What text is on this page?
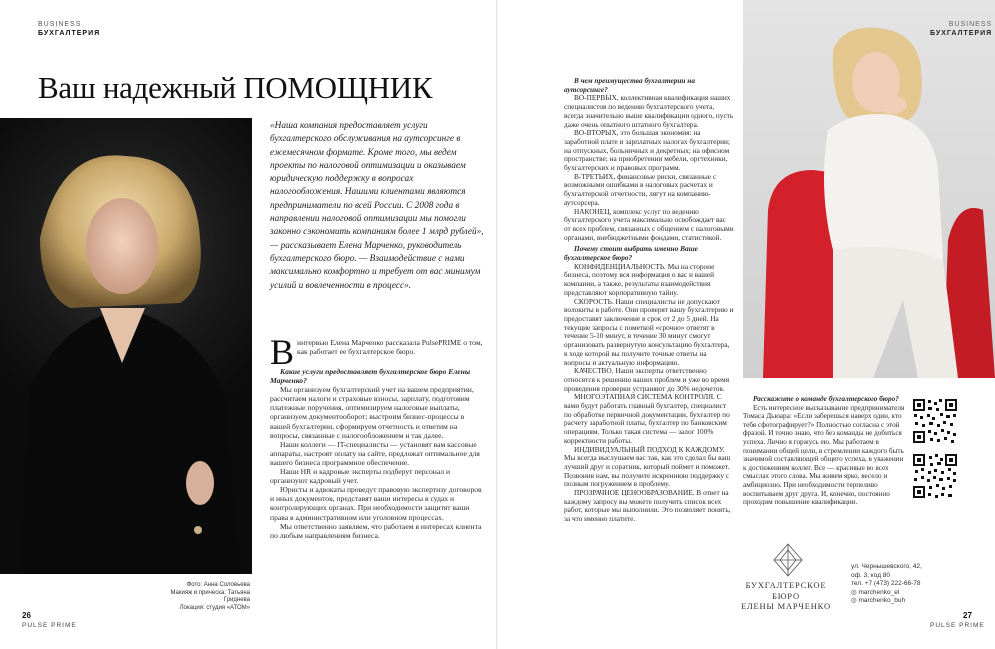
BUSINESS
БУХГАЛТЕРИЯ
Ваш надежный ПОМОЩНИК
«Наша компания предоставляет услуги бухгалтерского обслуживания на аутсорсинге в ежемесячном формате. Кроме того, мы ведем проекты по налоговой оптимизации и оказываем юридическую поддержку в вопросах налогообложения. Нашими клиентами являются предприниматели по всей России. С 2008 года в направлении налоговой оптимизации мы помогли законно сэкономить компаниям более 1 млрд рублей», — рассказывает Елена Марченко, руководитель бухгалтерского бюро. — Взаимодействие с нами максимально комфортно и требует от вас минимум усилий и вовлеченности в процесс».
В интервью Елена Марченко рассказала PulsePRIME о том, как работает ее бухгалтерское бюро.

Какие услуги предоставляет бухгалтерское бюро Елены Марченко?

Мы организуем бухгалтерский учет на вашем предприятии, рассчитаем налоги и страховые взносы, зарплату, подготовим платежные поручения, оптимизируем налоговые выплаты, организуем документооборот; выстроим бизнес-процессы в вашей бухгалтерии, сформируем отчетность и ответим на вопросы, связанные с налогообложением и так далее.

Наши коллеги — IT-специалисты — установят вам кассовые аппараты, настроят оплату на сайте, предложат оптимальное для вашего бизнеса программное обеспечение.

Наши HR и кадровые эксперты подберут персонал и организуют кадровый учет.

Юристы и адвокаты проведут правовую экспертизу договоров и иных документов, представят ваши интересы в судах и контролирующих органах. При необходимости защитят ваши права в административном или уголовном процессах.

Мы ответственно заявляем, что работаем в интересах клиента по любым направлениям бизнеса.

Фото: Анна Соловьева
Макияж и прическа: Татьяна Гриднева
Локация: студия «АТОМ»
26
PULSE PRIME
BUSINESS
БУХГАЛТЕРИЯ

В чем преимущества бухгалтерии на аутсорсинге?

ВО-ПЕРВЫХ, коллективная квалификация наших специалистов по ведению бухгалтерского учета, всегда значительно выше квалификации одного, пусть даже очень опытного штатного бухгалтера.

ВО-ВТОРЫХ, это большая экономия: на заработной плате и зарплатных налогах бухгалтерии; на отпускных, больничных и декретных; на офисном пространстве; на приобретении мебели, оргтехники, бухгалтерских и правовых программ.

В-ТРЕТЬИХ, финансовые риски, связанные с возможными ошибками в налоговых расчетах и бухгалтерской отчетности, лягут на компанию-аутсорсера.

НАКОНЕЦ, комплекс услуг по ведению бухгалтерского учета максимально освобождает вас от всех проблем, связанных с общением с налоговыми органами, внебюджетными фондами, статистикой.

Почему стоит выбрать именно Ваше бухгалтерское бюро?

КОНФИДЕНЦИАЛЬНОСТЬ. Мы на стороне бизнеса, поэтому вся информация о вас и вашей компании, а также, результаты взаимодействия представляют корпоративную тайну.

СКОРОСТЬ. Наши специалисты не допускают волокиты в работе. Они проверят вашу бухгалтерию и предоставят заключение в срок от 2 до 5 дней. На текущие запросы с пометкой «срочно» ответят в течение 5-10 минут, в течение 30 минут смогут организовать развернутую консультацию бухгалтера, в ходе которой вы получите точные ответы на вопросы и актуальную информацию.

КАЧЕСТВО. Наши эксперты ответственно относятся к решению ваших проблем и уже во время проведения проверки устраняют до 30% недочетов.

МНОГОЭТАПНАЯ СИСТЕМА КОНТРОЛЯ. С вами будут работать главный бухгалтер, специалист по обработке первичной документации, бухгалтер по расчету заработной платы, бухгалтер по банковским операциям. Только такая система — залог 100% корректности работы.

ИНДИВИДУАЛЬНЫЙ ПОДХОД К КАЖДОМУ. Мы всегда выслушаем вас так, как это сделал бы ваш лучший друг и соратник, который поймет и поможет. Позвонив нам, вы получите искреннюю поддержку с полным погружением в проблему.

ПРОЗРАЧНОЕ ЦЕНООБРАЗОВАНИЕ. В ответ на каждому запросу вы можете получить список всех работ, которые мы выполнили. Это позволяет понять, за что именно платите.

Расскажите о команде бухгалтерского бюро?

Есть интересное высказывание предпринимателя Томаса Дьюара: «Если заберешься наверх один, кто тебя сфотографирует?» Полностью согласна с этой фразой. И точно знаю, что без команды не добиться успеха. Лично я горжусь ею. Мы работаем в понимании общей цели, в стремлении каждого быть значимой составляющей общего успеха, в уважении к достижениям коллег. Все — красивые во всех смыслах этого слова. Мы живем ярко, весело и амбициозно. При необходимости терпеливо воспитываем друг друга. И, конечно, постоянно проходим повышение квалификации.

БУХГАЛТЕРСКОЕ БЮРО
ЕЛЕНЫ МАРЧЕНКО
ул. Чернышевского, 42,
оф. 3, код 80
тел. +7 (473) 222-66-78
◎ marchenko_el
◎ marchenko_buh
27
PULSE PRIME
